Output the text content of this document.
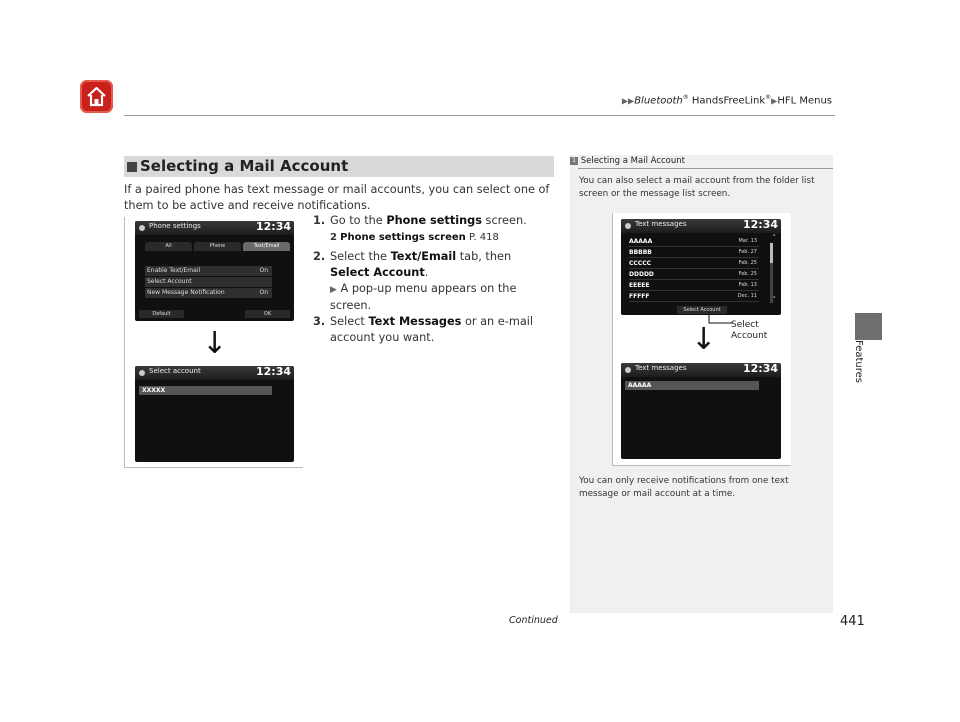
▶▶Bluetooth® HandsFreeLink®▶HFL Menus
Selecting a Mail Account
If a paired phone has text message or mail accounts, you can select one of them to be active and receive notifications.
Phone settings	12:34
All	Phone	Text/Email
Enable Text/Email	On
Select Account
New Message Notification	On
Default	OK
↓
Select account	12:34
XXXXX
1. Go to the Phone settings screen.
2 Phone settings screen P. 418
2. Select the Text/Email tab, then Select Account.
▶ A pop-up menu appears on the screen.
3. Select Text Messages or an e-mail account you want.
1 Selecting a Mail Account
You can also select a mail account from the folder list screen or the message list screen.
Text messages	12:34
AAAAA	Mar. 13
BBBBB	Feb. 27
CCCCC	Feb. 25
DDDDD	Feb. 25
EEEEE	Feb. 13
FFFFF	Dec. 11
˄
˅
Select Account
Select Account
↓
Text messages	12:34
AAAAA
You can only receive notifications from one text message or mail account at a time.
Features
Continued	441
